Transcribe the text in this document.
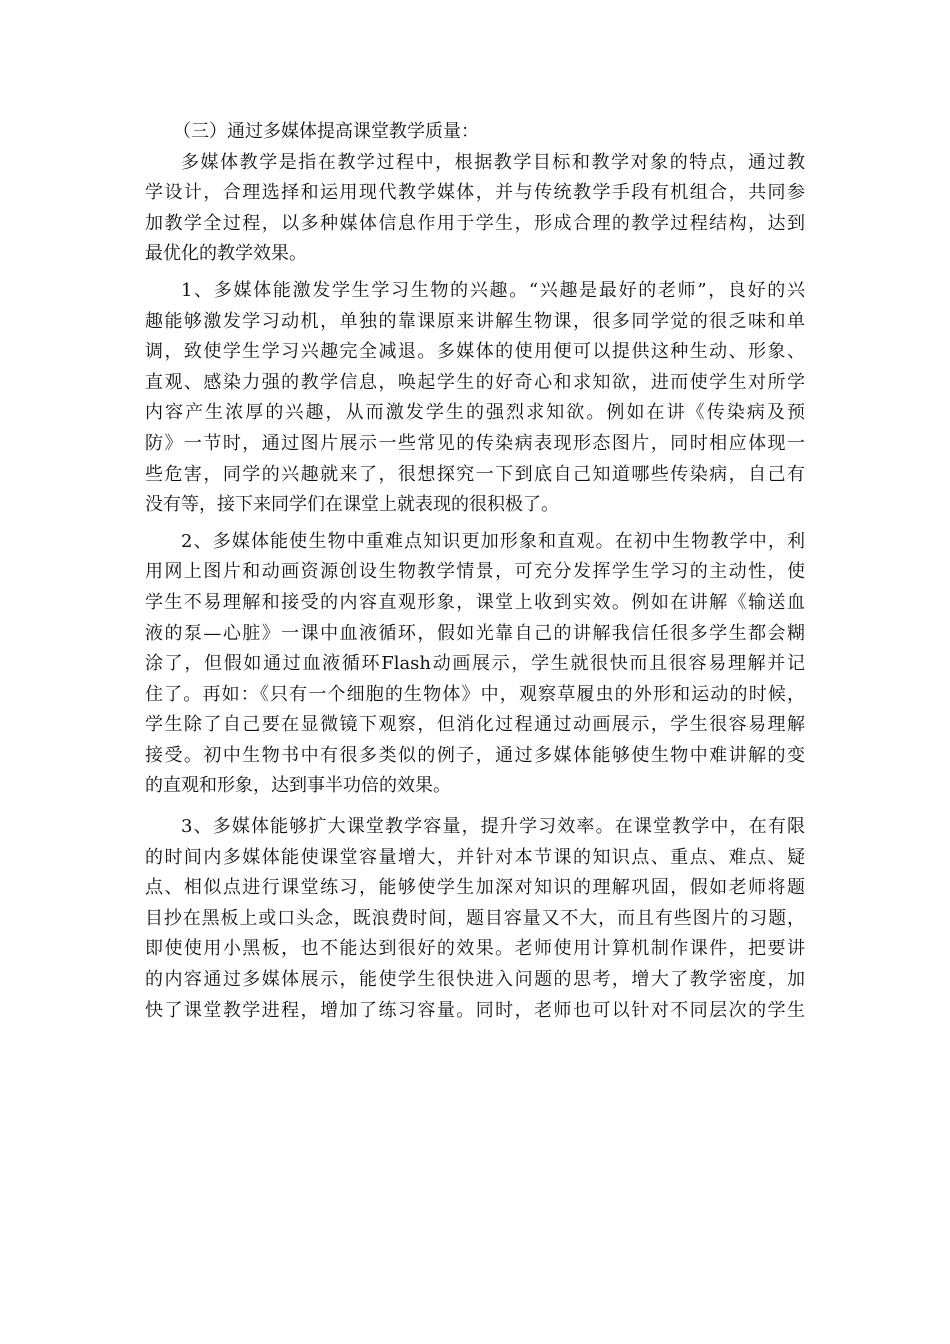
（三）通过多媒体提高课堂教学质量：
多媒体教学是指在教学过程中，根据教学目标和教学对象的特点，通过教
学设计，合理选择和运用现代教学媒体，并与传统教学手段有机组合，共同参
加教学全过程，以多种媒体信息作用于学生，形成合理的教学过程结构，达到
最优化的教学效果。
1、多媒体能激发学生学习生物的兴趣。“兴趣是最好的老师”，良好的兴
趣能够激发学习动机，单独的靠课原来讲解生物课，很多同学觉的很乏味和单
调，致使学生学习兴趣完全减退。多媒体的使用便可以提供这种生动、形象、
直观、感染力强的教学信息，唤起学生的好奇心和求知欲，进而使学生对所学
内容产生浓厚的兴趣，从而激发学生的强烈求知欲。例如在讲《传染病及预
防》一节时，通过图片展示一些常见的传染病表现形态图片，同时相应体现一
些危害，同学的兴趣就来了，很想探究一下到底自己知道哪些传染病，自己有
没有等，接下来同学们在课堂上就表现的很积极了。
2、多媒体能使生物中重难点知识更加形象和直观。在初中生物教学中，利
用网上图片和动画资源创设生物教学情景，可充分发挥学生学习的主动性，使
学生不易理解和接受的内容直观形象，课堂上收到实效。例如在讲解《输送血
液的泵—心脏》一课中血液循环，假如光靠自己的讲解我信任很多学生都会糊
涂了，但假如通过血液循环Flash动画展示，学生就很快而且很容易理解并记
住了。再如：《只有一个细胞的生物体》中，观察草履虫的外形和运动的时候，
学生除了自己要在显微镜下观察，但消化过程通过动画展示，学生很容易理解
接受。初中生物书中有很多类似的例子，通过多媒体能够使生物中难讲解的变
的直观和形象，达到事半功倍的效果。
3、多媒体能够扩大课堂教学容量，提升学习效率。在课堂教学中，在有限
的时间内多媒体能使课堂容量增大，并针对本节课的知识点、重点、难点、疑
点、相似点进行课堂练习，能够使学生加深对知识的理解巩固，假如老师将题
目抄在黑板上或口头念，既浪费时间，题目容量又不大，而且有些图片的习题，
即使使用小黑板，也不能达到很好的效果。老师使用计算机制作课件，把要讲
的内容通过多媒体展示，能使学生很快进入问题的思考，增大了教学密度，加
快了课堂教学进程，增加了练习容量。同时，老师也可以针对不同层次的学生
